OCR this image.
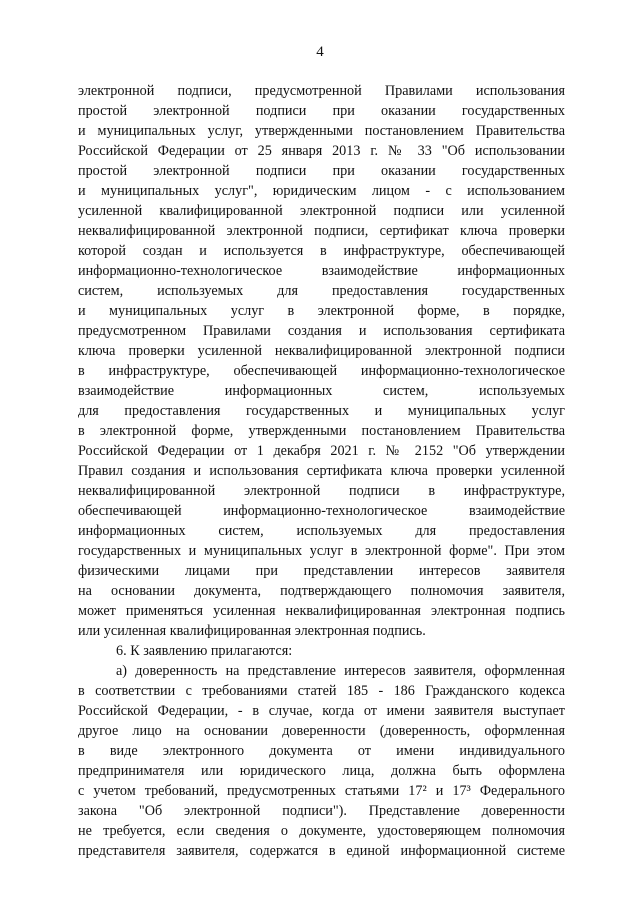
4
электронной подписи, предусмотренной Правилами использования
простой электронной подписи при оказании государственных
и муниципальных услуг, утвержденными постановлением Правительства
Российской Федерации от 25 января 2013 г. № 33 "Об использовании
простой электронной подписи при оказании государственных
и муниципальных услуг", юридическим лицом - с использованием
усиленной квалифицированной электронной подписи или усиленной
неквалифицированной электронной подписи, сертификат ключа проверки
которой создан и используется в инфраструктуре, обеспечивающей
информационно-технологическое взаимодействие информационных
систем, используемых для предоставления государственных
и муниципальных услуг в электронной форме, в порядке,
предусмотренном Правилами создания и использования сертификата
ключа проверки усиленной неквалифицированной электронной подписи
в инфраструктуре, обеспечивающей информационно-технологическое
взаимодействие информационных систем, используемых
для предоставления государственных и муниципальных услуг
в электронной форме, утвержденными постановлением Правительства
Российской Федерации от 1 декабря 2021 г. № 2152 "Об утверждении
Правил создания и использования сертификата ключа проверки усиленной
неквалифицированной электронной подписи в инфраструктуре,
обеспечивающей информационно-технологическое взаимодействие
информационных систем, используемых для предоставления
государственных и муниципальных услуг в электронной форме". При этом
физическими лицами при представлении интересов заявителя
на основании документа, подтверждающего полномочия заявителя,
может применяться усиленная неквалифицированная электронная подпись
или усиленная квалифицированная электронная подпись.
6. К заявлению прилагаются:
а) доверенность на представление интересов заявителя, оформленная
в соответствии с требованиями статей 185 - 186 Гражданского кодекса
Российской Федерации, - в случае, когда от имени заявителя выступает
другое лицо на основании доверенности (доверенность, оформленная
в виде электронного документа от имени индивидуального
предпринимателя или юридического лица, должна быть оформлена
с учетом требований, предусмотренных статьями 17² и 17³ Федерального
закона "Об электронной подписи"). Представление доверенности
не требуется, если сведения о документе, удостоверяющем полномочия
представителя заявителя, содержатся в единой информационной системе
